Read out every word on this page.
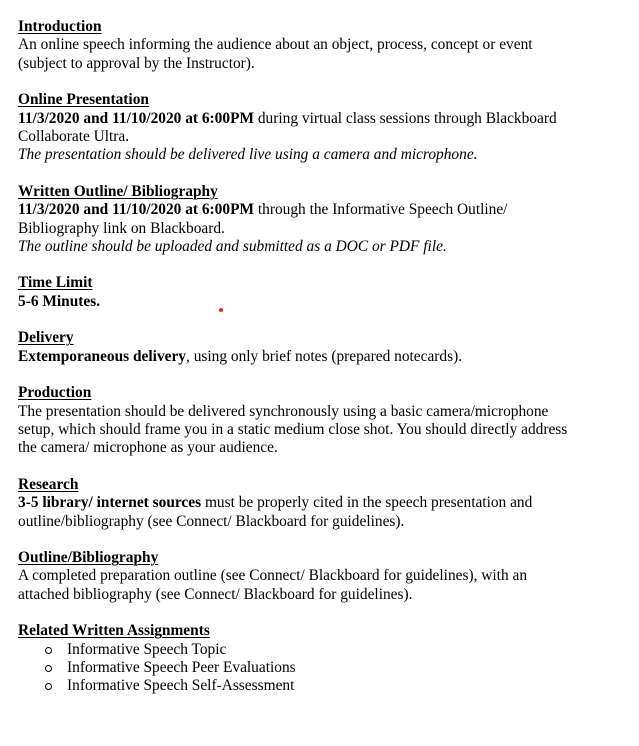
Introduction
An online speech informing the audience about an object, process, concept or event
(subject to approval by the Instructor).
Online Presentation
11/3/2020 and 11/10/2020 at 6:00PM during virtual class sessions through Blackboard
Collaborate Ultra.
The presentation should be delivered live using a camera and microphone.
Written Outline/ Bibliography
11/3/2020 and 11/10/2020 at 6:00PM through the Informative Speech Outline/
Bibliography link on Blackboard.
The outline should be uploaded and submitted as a DOC or PDF file.
Time Limit
5-6 Minutes.
Delivery
Extemporaneous delivery, using only brief notes (prepared notecards).
Production
The presentation should be delivered synchronously using a basic camera/microphone
setup, which should frame you in a static medium close shot. You should directly address
the camera/ microphone as your audience.
Research
3-5 library/ internet sources must be properly cited in the speech presentation and
outline/bibliography (see Connect/ Blackboard for guidelines).
Outline/Bibliography
A completed preparation outline (see Connect/ Blackboard for guidelines), with an
attached bibliography (see Connect/ Blackboard for guidelines).
Related Written Assignments
Informative Speech Topic
Informative Speech Peer Evaluations
Informative Speech Self-Assessment
